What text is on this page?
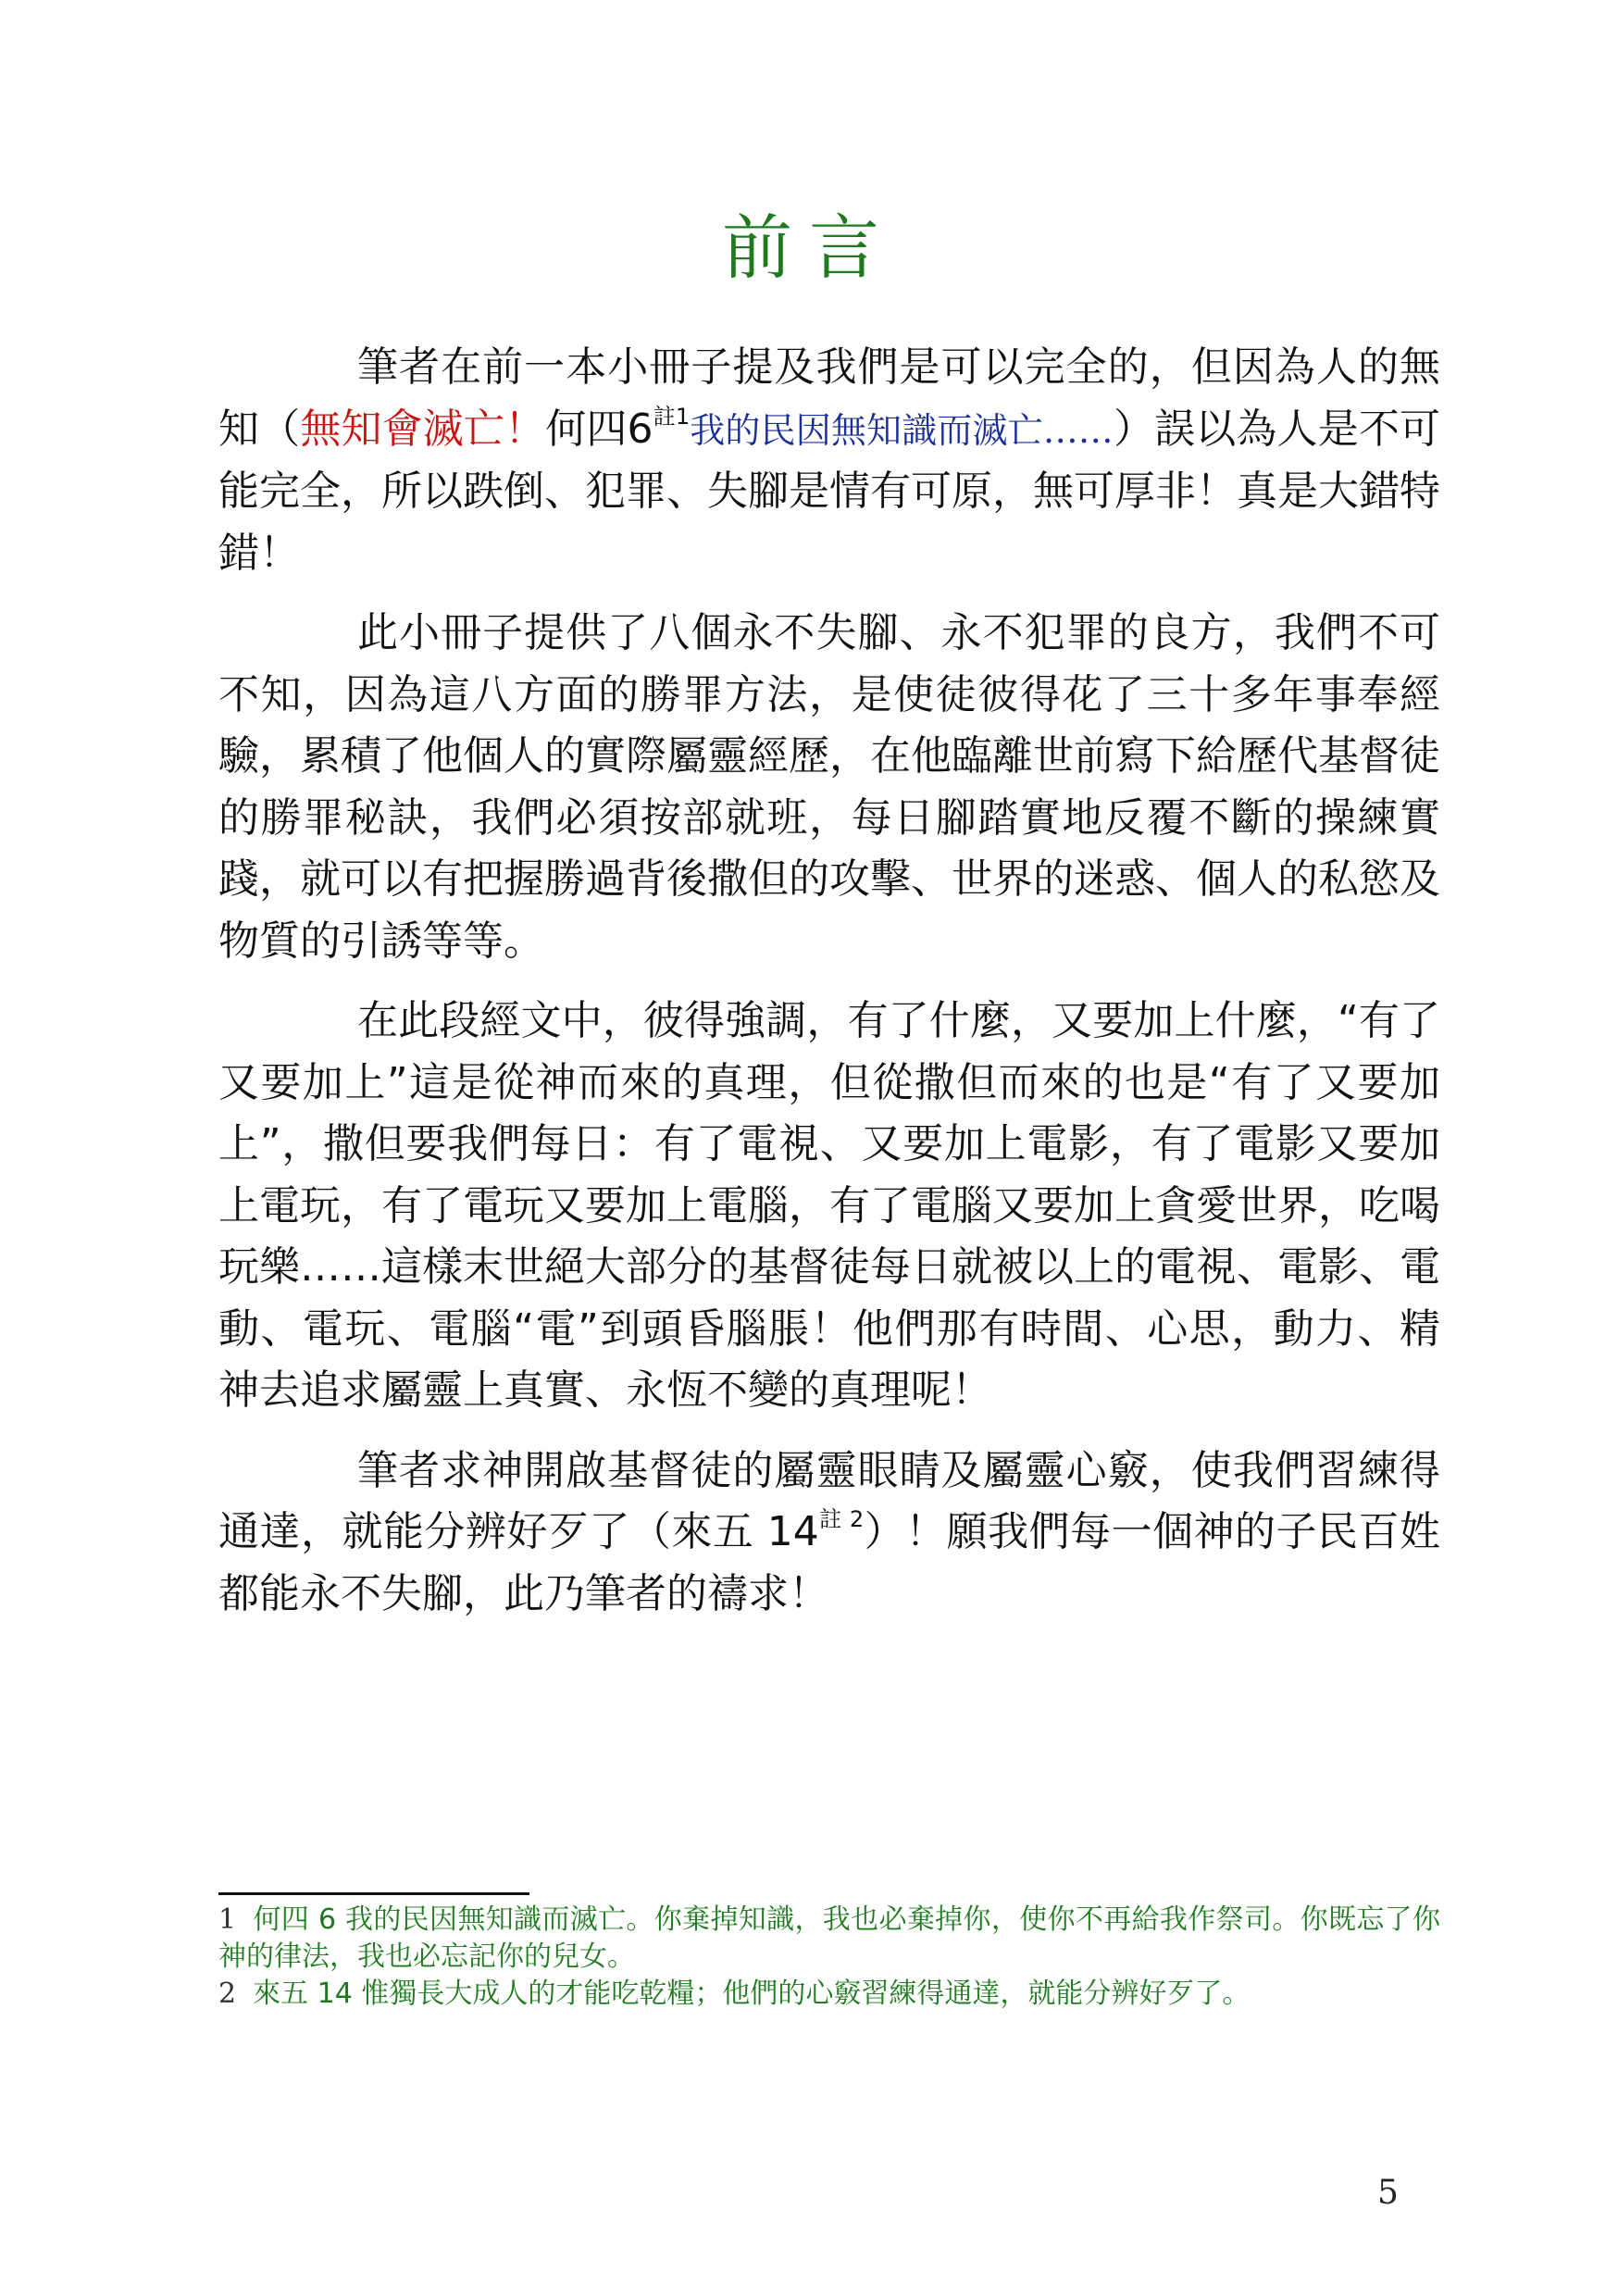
前言

筆者在前一本小冊子提及我們是可以完全的，但因為人的無知（無知會滅亡！何四6$^{註1}$我的民因無知識而滅亡……）誤以為人是不可能完全，所以跌倒、犯罪、失腳是情有可原，無可厚非！真是大錯特錯！

此小冊子提供了八個永不失腳、永不犯罪的良方，我們不可不知，因為這八方面的勝罪方法，是使徒彼得花了三十多年事奉經驗，累積了他個人的實際屬靈經歷，在他臨離世前寫下給歷代基督徒的勝罪秘訣，我們必須按部就班，每日腳踏實地反覆不斷的操練實踐，就可以有把握勝過背後撒但的攻擊、世界的迷惑、個人的私慾及物質的引誘等等。

在此段經文中，彼得強調，有了什麼，又要加上什麼，“有了又要加上”這是從神而來的真理，但從撒但而來的也是“有了又要加上”，撒但要我們每日：有了電視、又要加上電影，有了電影又要加上電玩，有了電玩又要加上電腦，有了電腦又要加上貪愛世界，吃喝玩樂……這樣末世絕大部分的基督徒每日就被以上的電視、電影、電動、電玩、電腦“電”到頭昏腦脹！他們那有時間、心思，動力、精神去追求屬靈上真實、永恆不變的真理呢！

筆者求神開啟基督徒的屬靈眼睛及屬靈心竅，使我們習練得通達，就能分辨好歹了（來五 $14^{註 2}$）！願我們每一個神的子民百姓都能永不失腳，此乃筆者的禱求！

1 何四 6 我的民因無知識而滅亡。你棄掉知識，我也必棄掉你，使你不再給我作祭司。你既忘了你神的律法，我也必忘記你的兒女。

2 來五 14 惟獨長大成人的才能吃乾糧；他們的心竅習練得通達，就能分辨好歹了。

5
